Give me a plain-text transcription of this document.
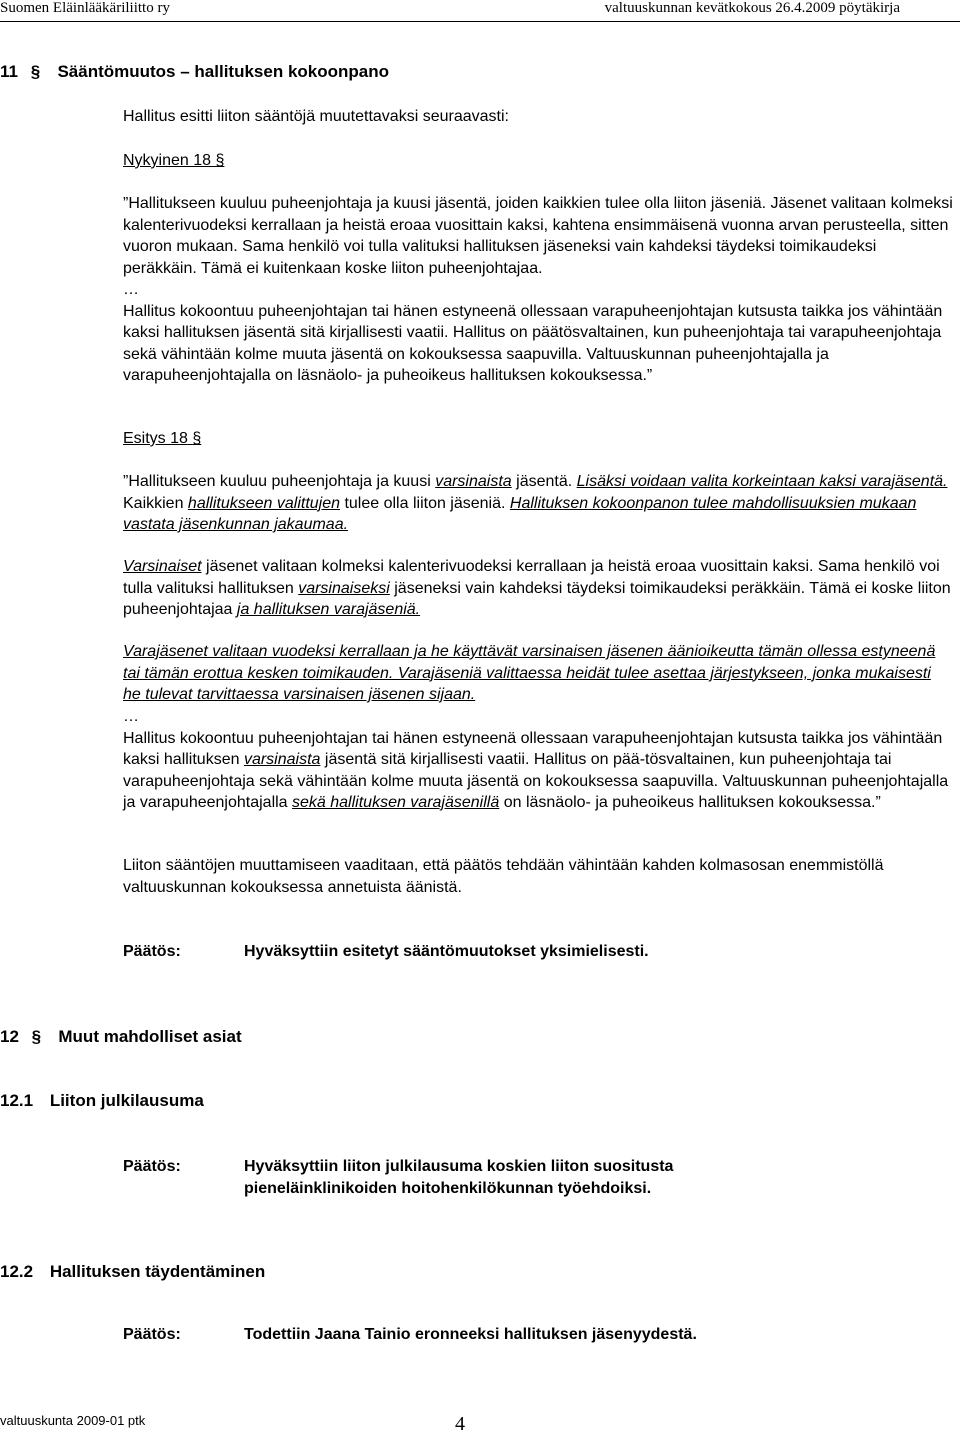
Suomen Eläinlääkäriliitto ry	valtuuskunnan kevätkokous 26.4.2009 pöytäkirja
11 § Sääntömuutos – hallituksen kokoonpano
Hallitus esitti liiton sääntöjä muutettavaksi seuraavasti:
Nykyinen 18 §
”Hallitukseen kuuluu puheenjohtaja ja kuusi jäsentä, joiden kaikkien tulee olla liiton jäseniä. Jäsenet valitaan kolmeksi kalenterivuodeksi kerrallaan ja heistä eroaa vuosittain kaksi, kahtena ensimmäisenä vuonna arvan perusteella, sitten vuoron mukaan. Sama henkilö voi tulla valituksi hallituksen jäseneksi vain kahdeksi täydeksi toimikaudeksi peräkkäin. Tämä ei kuitenkaan koske liiton puheenjohtajaa.
…
Hallitus kokoontuu puheenjohtajan tai hänen estyneenä ollessaan varapuheenjohtajan kutsusta taikka jos vähintään kaksi hallituksen jäsentä sitä kirjallisesti vaatii. Hallitus on päätösvaltainen, kun puheenjohtaja tai varapuheenjohtaja sekä vähintään kolme muuta jäsentä on kokouksessa saapuvilla. Valtuuskunnan puheenjohtajalla ja varapuheenjohtajalla on läsnäolo- ja puheoikeus hallituksen kokouksessa.”
Esitys 18 §
”Hallitukseen kuuluu puheenjohtaja ja kuusi varsinaista jäsentä. Lisäksi voidaan valita korkeintaan kaksi varajäsentä. Kaikkien hallitukseen valittujen tulee olla liiton jäseniä. Hallituksen kokoonpanon tulee mahdollisuuksien mukaan vastata jäsenkunnan jakaumaa.
Varsinaiset jäsenet valitaan kolmeksi kalenterivuodeksi kerrallaan ja heistä eroaa vuosittain kaksi. Sama henkilö voi tulla valituksi hallituksen varsinaiseksi jäseneksi vain kahdeksi täydeksi toimikaudeksi peräkkäin. Tämä ei koske liiton puheenjohtajaa ja hallituksen varajäseniä.
Varajäsenet valitaan vuodeksi kerrallaan ja he käyttävät varsinaisen jäsenen äänioikeutta tämän ollessa estyneenä tai tämän erottua kesken toimikauden. Varajäseniä valittaessa heidät tulee asettaa järjestykseen, jonka mukaisesti he tulevat tarvittaessa varsinaisen jäsenen sijaan.
…
Hallitus kokoontuu puheenjohtajan tai hänen estyneenä ollessaan varapuheenjohtajan kutsusta taikka jos vähintään kaksi hallituksen varsinaista jäsentä sitä kirjallisesti vaatii. Hallitus on pää-tösvaltainen, kun puheenjohtaja tai varapuheenjohtaja sekä vähintään kolme muuta jäsentä on kokouksessa saapuvilla. Valtuuskunnan puheenjohtajalla ja varapuheenjohtajalla sekä hallituksen varajäsenillä on läsnäolo- ja puheoikeus hallituksen kokouksessa.”
Liiton sääntöjen muuttamiseen vaaditaan, että päätös tehdään vähintään kahden kolmasosan enemmistöllä valtuuskunnan kokouksessa annetuista äänistä.
Päätös:	Hyväksyttiin esitetyt sääntömuutokset yksimielisesti.
12 § Muut mahdolliset asiat
12.1 Liiton julkilausuma
Päätös:	Hyväksyttiin liiton julkilausuma koskien liiton suositusta
pieneläinklinikoiden hoitohenkilökunnan työehdoiksi.
12.2 Hallituksen täydentäminen
Päätös:	Todettiin Jaana Tainio eronneeksi hallituksen jäsenyydestä.
valtuuskunta 2009-01 ptk	4
